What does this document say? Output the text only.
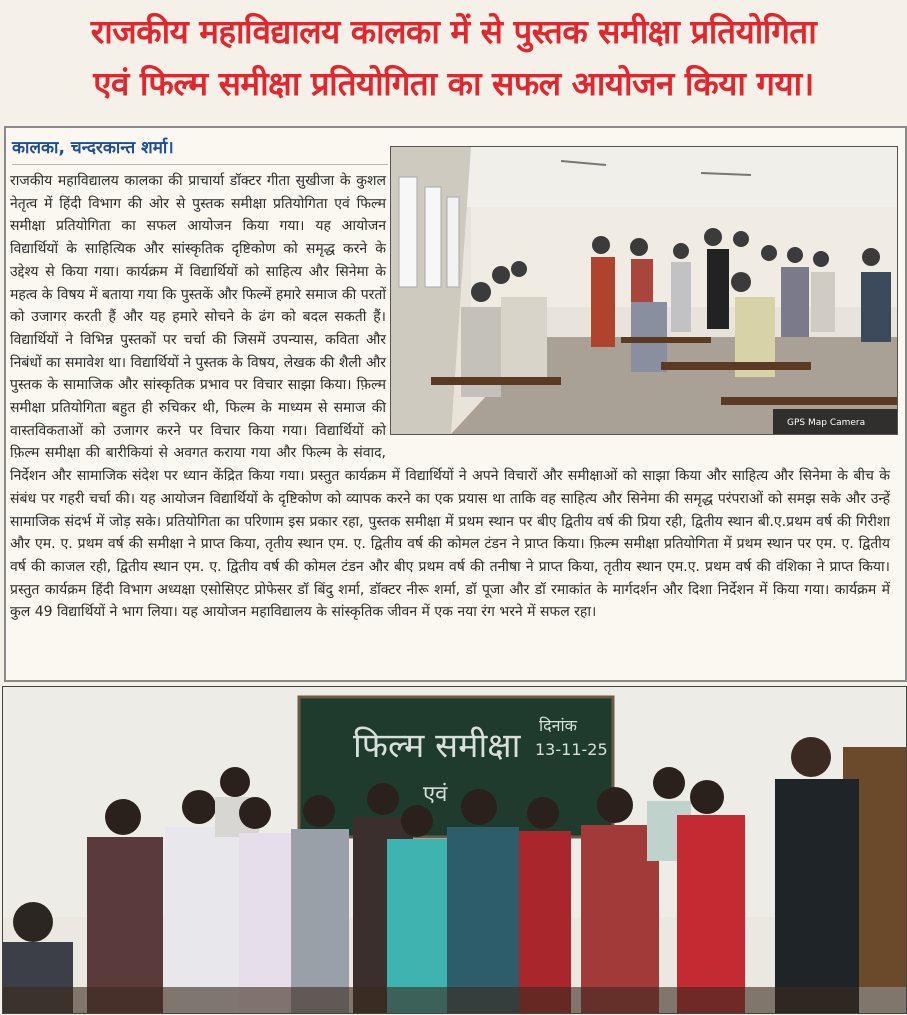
राजकीय महाविद्यालय कालका में से पुस्तक समीक्षा प्रतियोगिता
एवं फिल्म समीक्षा प्रतियोगिता का सफल आयोजन किया गया।
कालका, चन्दरकान्त शर्मा।
राजकीय महाविद्यालय कालका की प्राचार्या डॉक्टर गीता सुखीजा के कुशल नेतृत्व में हिंदी विभाग की ओर से पुस्तक समीक्षा प्रतियोगिता एवं फिल्म समीक्षा प्रतियोगिता का सफल आयोजन किया गया। यह आयोजन विद्यार्थियों के साहित्यिक और सांस्कृतिक दृष्टिकोण को समृद्ध करने के उद्देश्य से किया गया। कार्यक्रम में विद्यार्थियों को साहित्य और सिनेमा के महत्व के विषय में बताया गया कि पुस्तकें और फिल्में हमारे समाज की परतों को उजागर करती हैं और यह हमारे सोचने के ढंग को बदल सकती हैं। विद्यार्थियों ने विभिन्न पुस्तकों पर चर्चा की जिसमें उपन्यास, कविता और निबंधों का समावेश था। विद्यार्थियों ने पुस्तक के विषय, लेखक की शैली और पुस्तक के सामाजिक और सांस्कृतिक प्रभाव पर विचार साझा किया। फ़िल्म समीक्षा प्रतियोगिता बहुत ही रुचिकर थी, फिल्म के माध्यम से समाज की वास्तविकताओं को उजागर करने पर विचार किया गया। विद्यार्थियों को फ़िल्म समीक्षा की बारीकियां से अवगत कराया गया और फिल्म के संवाद, निर्देशन और सामाजिक संदेश पर ध्यान केंद्रित किया गया। प्रस्तुत कार्यक्रम में विद्यार्थियों ने अपने विचारों और समीक्षाओं को साझा किया और साहित्य और सिनेमा के बीच के संबंध पर गहरी चर्चा की। यह आयोजन विद्यार्थियों के दृष्टिकोण को व्यापक करने का एक प्रयास था ताकि वह साहित्य और सिनेमा की समृद्ध परंपराओं को समझ सके और उन्हें सामाजिक संदर्भ में जोड़ सके। प्रतियोगिता का परिणाम इस प्रकार रहा, पुस्तक समीक्षा में प्रथम स्थान पर बीए द्वितीय वर्ष की प्रिया रही, द्वितीय स्थान बी.ए.प्रथम वर्ष की गिरीशा और एम. ए. प्रथम वर्ष की समीक्षा ने प्राप्त किया, तृतीय स्थान एम. ए. द्वितीय वर्ष की कोमल टंडन ने प्राप्त किया। फ़िल्म समीक्षा प्रतियोगिता में प्रथम स्थान पर एम. ए. द्वितीय वर्ष की काजल रही, द्वितीय स्थान एम. ए. द्वितीय वर्ष की कोमल टंडन और बीए प्रथम वर्ष की तनीषा ने प्राप्त किया, तृतीय स्थान एम.ए. प्रथम वर्ष की वंशिका ने प्राप्त किया। प्रस्तुत कार्यक्रम हिंदी विभाग अध्यक्षा एसोसिएट प्रोफेसर डॉ बिंदु शर्मा, डॉक्टर नीरू शर्मा, डॉ पूजा और डॉ रमाकांत के मार्गदर्शन और दिशा निर्देशन में किया गया। कार्यक्रम में कुल 49 विद्यार्थियों ने भाग लिया। यह आयोजन महाविद्यालय के सांस्कृतिक जीवन में एक नया रंग भरने में सफल रहा।
GPS Map Camera
फिल्म समीक्षा
एवं
दिनांक
13-11-25
